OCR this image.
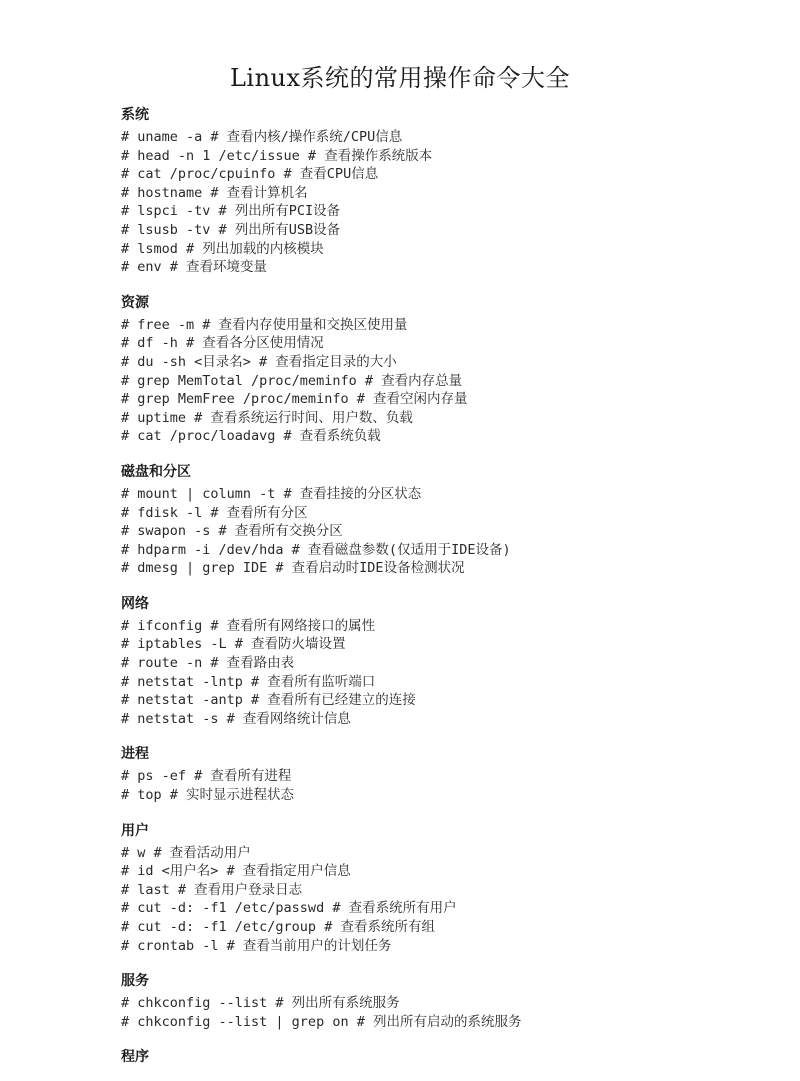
Linux系统的常用操作命令大全
系统
# uname -a # 查看内核/操作系统/CPU信息
# head -n 1 /etc/issue # 查看操作系统版本
# cat /proc/cpuinfo # 查看CPU信息
# hostname # 查看计算机名
# lspci -tv # 列出所有PCI设备
# lsusb -tv # 列出所有USB设备
# lsmod # 列出加载的内核模块
# env # 查看环境变量
资源
# free -m # 查看内存使用量和交换区使用量
# df -h # 查看各分区使用情况
# du -sh <目录名> # 查看指定目录的大小
# grep MemTotal /proc/meminfo # 查看内存总量
# grep MemFree /proc/meminfo # 查看空闲内存量
# uptime # 查看系统运行时间、用户数、负载
# cat /proc/loadavg # 查看系统负载
磁盘和分区
# mount | column -t # 查看挂接的分区状态
# fdisk -l # 查看所有分区
# swapon -s # 查看所有交换分区
# hdparm -i /dev/hda # 查看磁盘参数(仅适用于IDE设备)
# dmesg | grep IDE # 查看启动时IDE设备检测状况
网络
# ifconfig # 查看所有网络接口的属性
# iptables -L # 查看防火墙设置
# route -n # 查看路由表
# netstat -lntp # 查看所有监听端口
# netstat -antp # 查看所有已经建立的连接
# netstat -s # 查看网络统计信息
进程
# ps -ef # 查看所有进程
# top # 实时显示进程状态
用户
# w # 查看活动用户
# id <用户名> # 查看指定用户信息
# last # 查看用户登录日志
# cut -d: -f1 /etc/passwd # 查看系统所有用户
# cut -d: -f1 /etc/group # 查看系统所有组
# crontab -l # 查看当前用户的计划任务
服务
# chkconfig --list # 列出所有系统服务
# chkconfig --list | grep on # 列出所有启动的系统服务
程序
